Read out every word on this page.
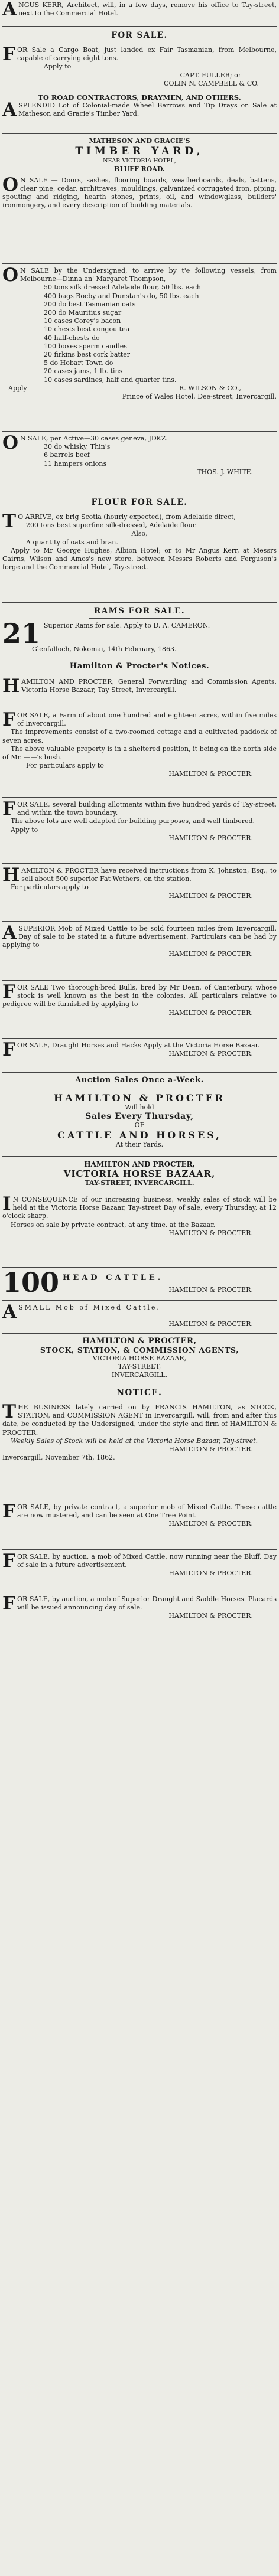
ANGUS KERR, Architect, will, in a few days, remove his office to Tay-street, next to the Commercial Hotel.

FOR SALE.

FOR Sale a Cargo Boat, just landed ex Fair Tasmanian, from Melbourne, capable of carrying eight tons.

Apply to

CAPT. FULLER; or

COLIN N. CAMPBELL & CO.

TO ROAD CONTRACTORS, DRAYMEN, AND OTHERS.

ASPLENDID Lot of Colonial-made Wheel Barrows and Tip Drays on Sale at Matheson and Gracie's Timber Yard.

MATHESON AND GRACIE'S

TIMBER YARD,

NEAR VICTORIA HOTEL,

BLUFF ROAD.

O N SALE — Doors, sashes, flooring boards, weatherboards, deals, battens, clear pine, cedar, architraves, mouldings, galvanized corrugated iron, piping, spouting and ridging, hearth stones, prints, oil, and windowglass, builders' ironmongery, and every description of building materials.

O N SALE by the Undersigned, to arrive by t'e following vessels, from Melbourne—Dinna an' Margaret Thompson,

50 tons silk dressed Adelaide flour, 50 lbs. each

400 bags Bocby and Dunstan's do, 50 lbs. each

200 do best Tasmanian oats

200 do Mauritius sugar

10 cases Corey's bacon

10 chests best congou tea

40 half-chests do

100 boxes sperm candles

20 firkins best cork batter

5 do Hobart Town do

20 cases jams, 1 lb. tins

10 cases sardines, half and quarter tins.

Apply	R. WILSON & CO.,

Prince of Wales Hotel, Dee-street, Invercargill.

O N SALE, per Active—30 cases geneva, JDKZ.

30 do whisky, Thin's

6 barrels beef

11 hampers onions

THOS. J. WHITE.

FLOUR FOR SALE.

T O ARRIVE, ex brig Scotia (hourly expected), from Adelaide direct,

200 tons best superfine silk-dressed, Adelaide flour.

Also,

A quantity of oats and bran.

Apply to Mr George Hughes, Albion Hotel; or to Mr Angus Kerr, at Messrs Cairns, Wilson and Amos's new store, between Messrs Roberts and Ferguson's forge and the Commercial Hotel, Tay-street.

RAMS FOR SALE.

21 Superior Rams for sale. Apply to D. A. CAMERON.

Glenfalloch, Nokomai, 14th February, 1863.

Hamilton & Procter's Notices.

HAMILTON AND PROCTER, General Forwarding and Commission Agents, Victoria Horse Bazaar, Tay Street, Invercargill.

FOR SALE, a Farm of about one hundred and eighteen acres, within five miles of Invercargill.

The improvements consist of a two-roomed cottage and a cultivated paddock of seven acres.

The above valuable property is in a sheltered position, it being on the north side of Mr. ——'s bush.

For particulars apply to

HAMILTON & PROCTER.

FOR SALE, several building allotments within five hundred yards of Tay-street, and within the town boundary.

The above lots are well adapted for building purposes, and well timbered.

Apply to

HAMILTON & PROCTER.

HAMILTON & PROCTER have received instructions from K. Johnston, Esq., to sell about 500 superior Fat Wethers, on the station.

For particulars apply to

HAMILTON & PROCTER.

ASUPERIOR Mob of Mixed Cattle to be sold fourteen miles from Invercargill. Day of sale to be stated in a future advertisement. Particulars can be had by applying to

HAMILTON & PROCTER.

FOR SALE Two thorough-bred Bulls, bred by Mr Dean, of Canterbury, whose stock is well known as the best in the colonies. All particulars relative to pedigree will be furnished by applying to

HAMILTON & PROCTER.

FOR SALE, Draught Horses and Hacks Apply at the Victoria Horse Bazaar.

HAMILTON & PROCTER.

Auction Sales Once a-Week.

HAMILTON & PROCTER

Will hold

Sales Every Thursday,

OF

CATTLE AND HORSES,

At their Yards.

HAMILTON AND PROCTER,

VICTORIA HORSE BAZAAR,

TAY-STREET, INVERCARGILL.

I N CONSEQUENCE of our increasing business, weekly sales of stock will be held at the Victoria Horse Bazaar, Tay-street Day of sale, every Thursday, at 12 o'clock sharp.

Horses on sale by private contract, at any time, at the Bazaar.

HAMILTON & PROCTER.

100 HEAD CATTLE.

HAMILTON & PROCTER.

ASMALL Mob of Mixed Cattle.

HAMILTON & PROCTER.

HAMILTON & PROCTER,

STOCK, STATION, & COMMISSION AGENTS,

VICTORIA HORSE BAZAAR,

TAY-STREET,

INVERCARGILL.

NOTICE.

THE BUSINESS lately carried on by FRANCIS HAMILTON, as STOCK, STATION, and COMMISSION AGENT in Invercargill, will, from and after this date, be conducted by the Undersigned, under the style and firm of HAMILTON & PROCTER.

Weekly Sales of Stock will be held at the Victoria Horse Bazaar, Tay-street.

HAMILTON & PROCTER.

Invercargill, November 7th, 1862.

FOR SALE, by private contract, a superior mob of Mixed Cattle. These cattle are now mustered, and can be seen at One Tree Point.

HAMILTON & PROCTER.

FOR SALE, by auction, a mob of Mixed Cattle, now running near the Bluff. Day of sale in a future advertisement.

HAMILTON & PROCTER.

FOR SALE, by auction, a mob of Superior Draught and Saddle Horses. Placards will be issued announcing day of sale.

HAMILTON & PROCTER.
